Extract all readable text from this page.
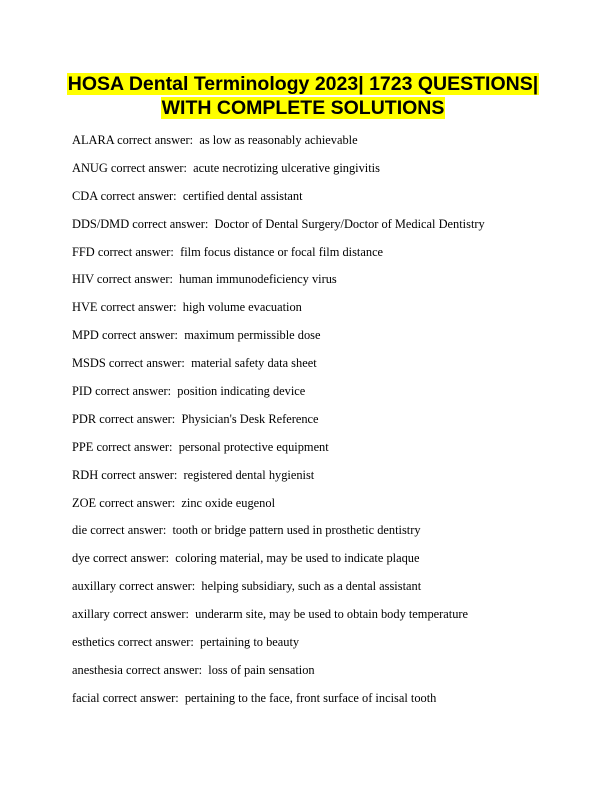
HOSA Dental Terminology 2023| 1723 QUESTIONS|
WITH COMPLETE SOLUTIONS
ALARA correct answer:  as low as reasonably achievable
ANUG correct answer:  acute necrotizing ulcerative gingivitis
CDA correct answer:  certified dental assistant
DDS/DMD correct answer:  Doctor of Dental Surgery/Doctor of Medical Dentistry
FFD correct answer:  film focus distance or focal film distance
HIV correct answer:  human immunodeficiency virus
HVE correct answer:  high volume evacuation
MPD correct answer:  maximum permissible dose
MSDS correct answer:  material safety data sheet
PID correct answer:  position indicating device
PDR correct answer:  Physician's Desk Reference
PPE correct answer:  personal protective equipment
RDH correct answer:  registered dental hygienist
ZOE correct answer:  zinc oxide eugenol
die correct answer:  tooth or bridge pattern used in prosthetic dentistry
dye correct answer:  coloring material, may be used to indicate plaque
auxillary correct answer:  helping subsidiary, such as a dental assistant
axillary correct answer:  underarm site, may be used to obtain body temperature
esthetics correct answer:  pertaining to beauty
anesthesia correct answer:  loss of pain sensation
facial correct answer:  pertaining to the face, front surface of incisal tooth
